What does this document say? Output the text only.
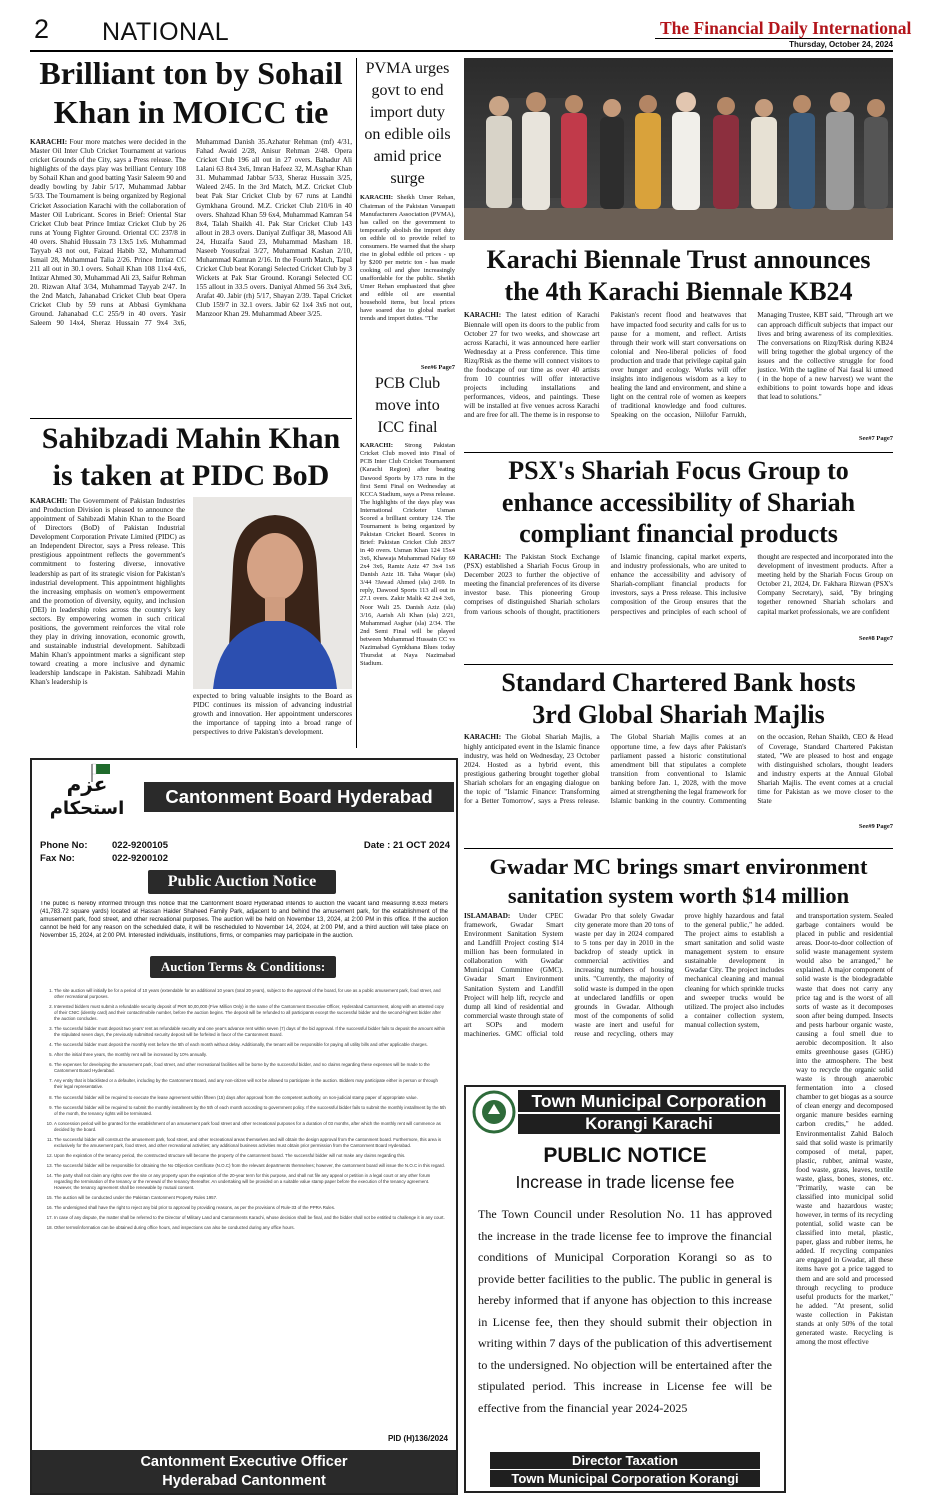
2 NATIONAL	The Financial Daily International
Thursday, October 24, 2024
Brilliant ton by Sohail
Khan in MOICC tie
KARACHI: Four more matches were decided in the Master Oil Inter Club Cricket Tournament at various cricket Grounds of the City, says a Press release. The highlights of the days play was brilliant Century 108 by Sohail Khan and good batting Yasir Saleem 90 and deadly bowling by Jabir 5/17, Muhammad Jabbar 5/33. The Tournament is being organized by Regional Cricket Association Karachi with the collaboration of Master Oil Lubricant. Scores in Brief: Oriental Star Cricket Club beat Prince Imtiaz Cricket Club by 26 runs at Young Fighter Ground. Oriental CC 237/8 in 40 overs. Shahid Hussain 73 13x5 1x6. Muhammad Tayyab 43 not out, Faizad Habib 32, Muhammad Ismail 28, Muhammad Talia 2/26. Prince Imtiaz CC 211 all out in 30.1 overs. Sohail Khan 108 11x4 4x6, Intizar Ahmed 30, Muhammad Ali 23, Saifur Rehman 20. Rizwan Altaf 3/34, Muhammad Tayyab 2/47. In the 2nd Match, Jahanabad Cricket Club beat Opera Cricket Club by 59 runs at Abbasi Gymkhana Ground. Jahanabad C.C 255/9 in 40 overs. Yasir Saleem 90 14x4, Sheraz Hussain 77 9x4 3x6, Muhammad Danish 35.Azhatur Rehman (mf) 4/31, Fahad Awaid 2/28, Anisur Rehman 2/48. Opera Cricket Club 196 all out in 27 overs. Bahadur Ali Lalani 63 8x4 3x6, Imran Hafeez 32, M.Asghar Khan 31. Muhammad Jabbar 5/33, Sheraz Hussain 3/25, Waleed 2/45. In the 3rd Match, M.Z. Cricket Club beat Pak Star Cricket Club by 67 runs at Landhi Gymkhana Ground. M.Z. Cricket Club 210/6 in 40 overs. Shahzad Khan 59 6x4, Muhammad Kamran 54 8x4, Talah Shaikh 41. Pak Star Cricket Club 143 allout in 28.3 overs. Daniyal Zulfiqar 38, Masood Ali 24, Huzaifa Saud 23, Muhammad Masham 18. Naseeb Yousufzai 3/27, Muhammad Kashan 2/10, Muhammad Kamran 2/16. In the Fourth Match, Tapal Cricket Club beat Korangi Selected Cricket Club by 3 Wickets at Pak Star Ground. Korangi Selected CC 155 allout in 33.5 overs. Daniyal Ahmed 56 3x4 3x6, Arafat 40. Jabir (rh) 5/17, Shayan 2/39. Tapal Cricket Club 159/7 in 32.1 overs. Jabir 62 1x4 3x6 not out, Manzoor Khan 29. Muhammad Abeer 3/25.
PVMA urges govt to end import duty on edible oils amid price surge
KARACHI: Sheikh Umer Rehan, Chairman of the Pakistan Vanaspati Manufacturers Association (PVMA), has called on the government to temporarily abolish the import duty on edible oil to provide relief to consumers. He warned that the sharp rise in global edible oil prices - up by $200 per metric ton - has made cooking oil and ghee increasingly unaffordable for the public. Sheikh Umer Rehan emphasized that ghee and edible oil are essential household items, but local prices have soared due to global market trends and import duties. "The
See#6 Page7
PCB Club move into ICC final
KARACHI: Strong Pakistan Cricket Club moved into Final of PCB Inter Club Cricket Tournament (Karachi Region) after beating Dawood Sports by 173 runs in the first Semi Final on Wednesday at KCCA Stadium, says a Press release. The highlights of the days play was International Cricketer Usman Scored a brilliant century 124. The Tournament is being organized by Pakistan Cricket Board. Scores in Brief: Pakistan Cricket Club 283/7 in 40 overs. Usman Khan 124 15x4 3x6, Khawaja Muhammad Nafay 69 2x4 3x6, Ramiz Aziz 47 3x4 1x6 Danish Aziz 18. Taha Waqar (sla) 3/44 ?Jawad Ahmed (sla) 2/69. In reply, Dawood Sports 113 all out in 27.1 overs. Zakir Malik 42 2x4 3x6, Noor Wali 25. Danish Aziz (sla) 3/16, Aarish Ali Khan (sla) 2/21, Muhammad Asghar (sla) 2/34. The 2nd Semi Final will be played between Muhammad Hussain CC vs Nazimabad Gymkhana Blues today Thursdat at Naya Nazimabad Stadium.
Karachi Biennale Trust announces
the 4th Karachi Biennale KB24
KARACHI: The latest edition of Karachi Biennale will open its doors to the public from October 27 for two weeks, and showcase art across Karachi, it was announced here earlier Wednesday at a Press conference. This time Rizq/Risk as the theme will connect visitors to the foodscape of our time as over 40 artists from 10 countries will offer interactive projects including installations and performances, videos, and paintings. These will be installed at five venues across Karachi and are free for all. The theme is in response to Pakistan's recent flood and heatwaves that have impacted food security and calls for us to pause for a moment, and reflect. Artists through their work will start conversations on colonial and Neo-liberal policies of food production and trade that privilege capital gain over hunger and ecology. Works will offer insights into indigenous wisdom as a key to healing the land and environment, and shine a light on the central role of women as keepers of traditional knowledge and food cultures. Speaking on the occasion, Niilofur Farrukh, Managing Trustee, KBT said, "Through art we can approach difficult subjects that impact our lives and bring awareness of its complexities. The conversations on Rizq/Risk during KB24 will bring together the global urgency of the issues and the collective struggle for food justice. With the tagline of Nai fasal ki umeed ( in the hope of a new harvest) we want the exhibitions to point towards hope and ideas that lead to solutions."
See#7 Page7
Sahibzadi Mahin Khan
is taken at PIDC BoD
KARACHI: The Government of Pakistan Industries and Production Division is pleased to announce the appointment of Sahibzadi Mahin Khan to the Board of Directors (BoD) of Pakistan Industrial Development Corporation Private Limited (PIDC) as an Independent Director, says a Press release. This prestigious appointment reflects the government's commitment to fostering diverse, innovative leadership as part of its strategic vision for Pakistan's industrial development. This appointment highlights the increasing emphasis on women's empowerment and the promotion of diversity, equity, and inclusion (DEI) in leadership roles across the country's key sectors. By empowering women in such critical positions, the government reinforces the vital role they play in driving innovation, economic growth, and sustainable industrial development. Sahibzadi Mahin Khan's appointment marks a significant step toward creating a more inclusive and dynamic leadership landscape in Pakistan. Sahibzadi Mahin Khan's leadership is
expected to bring valuable insights to the Board as PIDC continues its mission of advancing industrial growth and innovation. Her appointment underscores the importance of tapping into a broad range of perspectives to drive Pakistan's development.
PSX's Shariah Focus Group to
enhance accessibility of Shariah
compliant financial products
KARACHI: The Pakistan Stock Exchange (PSX) established a Shariah Focus Group in December 2023 to further the objective of meeting the financial preferences of its diverse investor base. This pioneering Group comprises of distinguished Shariah scholars from various schools of thought, practitioners of Islamic financing, capital market experts, and industry professionals, who are united to enhance the accessibility and advisory of Shariah-compliant financial products for investors, says a Press release. This inclusive composition of the Group ensures that the perspectives and principles of each school of thought are respected and incorporated into the development of investment products. After a meeting held by the Shariah Focus Group on October 21, 2024, Dr. Fakhara Rizwan (PSX's Company Secretary), said, "By bringing together renowned Shariah scholars and capital market professionals, we are confident
See#8 Page7
Standard Chartered Bank hosts
3rd Global Shariah Majlis
KARACHI: The Global Shariah Majlis, a highly anticipated event in the Islamic finance industry, was held on Wednesday, 23 October 2024. Hosted as a hybrid event, this prestigious gathering brought together global Shariah scholars for an engaging dialogue on the topic of "Islamic Finance: Transforming for a Better Tomorrow', says a Press release. The Global Shariah Majlis comes at an opportune time, a few days after Pakistan's parliament passed a historic constitutional amendment bill that stipulates a complete transition from conventional to Islamic banking before Jan. 1, 2028, with the move aimed at strengthening the legal framework for Islamic banking in the country. Commenting on the occasion, Rehan Shaikh, CEO & Head of Coverage, Standard Chartered Pakistan stated, "We are pleased to host and engage with distinguished scholars, thought leaders and industry experts at the Annual Global Shariah Majlis. The event comes at a crucial time for Pakistan as we move closer to the State
See#9 Page7
Gwadar MC brings smart environment
sanitation system worth $14 million
ISLAMABAD: Under CPEC framework, Gwadar Smart Environment Sanitation System and Landfill Project costing $14 million has been formulated in collaboration with Gwadar Municipal Committee (GMC). Gwadar Smart Environment Sanitation System and Landfill Project will help lift, recycle and dump all kind of residential and commercial waste through state of art SOPs and modern machineries. GMC official told Gwadar Pro that solely Gwadar city generate more than 20 tons of waste per day in 2024 compared to 5 tons per day in 2010 in the backdrop of steady uptick in commercial activities and increasing numbers of housing units. "Currently, the majority of solid waste is dumped in the open at undeclared landfills or open grounds in Gwadar. Although most of the components of solid waste are inert and useful for reuse and recycling, others may prove highly hazardous and fatal to the general public," he added. The project aims to establish a smart sanitation and solid waste management system to ensure sustainable development in Gwadar City. The project includes mechanical cleaning and manual cleaning for which sprinkle trucks and sweeper trucks would be utilized. The project also includes a container collection system, manual collection system,
and transportation system. Sealed garbage containers would be placed in public and residential areas. Door-to-door collection of solid waste management system would also be arranged," he explained. A major component of solid waste is the biodegradable waste that does not carry any price tag and is the worst of all sorts of waste as it decomposes soon after being dumped. Insects and pests harbour organic waste, causing a foul smell due to aerobic decomposition. It also emits greenhouse gases (GHG) into the atmosphere. The best way to recycle the organic solid waste is through anaerobic fermentation into a closed chamber to get biogas as a source of clean energy and decomposed organic manure besides earning carbon credits," he added. Environmentalist Zahid Baloch said that solid waste is primarily composed of metal, paper, plastic, rubber, animal waste, food waste, grass, leaves, textile waste, glass, bones, stones, etc. "Primarily, waste can be classified into municipal solid waste and hazardous waste; however, in terms of its recycling potential, solid waste can be classified into metal, plastic, paper, glass and rubber items, he added. If recycling companies are engaged in Gwadar, all these items have got a price tagged to them and are sold and processed through recycling to produce useful products for the market," he added. "At present, solid waste collection in Pakistan stands at only 50% of the total generated waste. Recycling is among the most effective
Town Municipal Corporation
Korangi Karachi
PUBLIC NOTICE
Increase in trade license fee
The Town Council under Resolution No. 11 has approved the increase in the trade license fee to improve the financial conditions of Municipal Corporation Korangi so as to provide better facilities to the public. The public in general is hereby informed that if anyone has objection to this increase in License fee, then they should submit their objection in writing within 7 days of the publication of this advertisement to the undersigned. No objection will be entertained after the stipulated period. This increase in License fee will be effective from the financial year 2024-2025
Director Taxation
Town Municipal Corporation Korangi
عزم
استحکام
Cantonment Board Hyderabad
Phone No:	022-9200105
Fax No:	022-9200102
Date : 21 OCT 2024
Public Auction Notice
The public is hereby informed through this notice that the Cantonment Board Hyderabad intends to auction the vacant land measuring 8.633 meters (41,783.72 square yards) located at Hassan Haider Shaheed Family Park, adjacent to and behind the amusement park, for the establishment of the amusement park, food street, and other recreational purposes. The auction will be held on November 13, 2024, at 2:00 PM in this office. If the auction cannot be held for any reason on the scheduled date, it will be rescheduled to November 14, 2024, at 2:00 PM, and a third auction will take place on November 15, 2024, at 2:00 PM. Interested individuals, institutions, firms, or companies may participate in the auction.
Auction Terms & Conditions:
1. The site auction will initially be for a period of 10 years (extendable for an additional 10 years (total 20 years), subject to the approval of the board, for use as a public amusement park, food street, and other recreational purposes.
2. Interested bidders must submit a refundable security deposit of PKR 50,00,000 (Five Million Only) in the name of the Cantonment Executive Officer, Hyderabad Cantonment, along with an attested copy of their CNIC (identity card) and their contact/mobile number, before the auction begins. The deposit will be refunded to all participants except the successful bidder and the second-highest bidder after the auction concludes.
3. The successful bidder must deposit two years' rent as refundable security and one year's advance rent within seven (7) days of the bid approval. If the successful bidder fails to deposit the amount within the stipulated seven days, the previously submitted security deposit will be forfeited in favor of the Cantonment Board.
4. The successful bidder must deposit the monthly rent before the 5th of each month without delay. Additionally, the tenant will be responsible for paying all utility bills and other applicable charges.
5. After the initial three years, the monthly rent will be increased by 10% annually.
6. The expenses for developing the amusement park, food street, and other recreational facilities will be borne by the successful bidder, and no claims regarding these expenses will be made to the Cantonment Board Hyderabad.
7. Any entity that is blacklisted or a defaulter, including by the Cantonment Board, and any non-citizen will not be allowed to participate in the auction. Bidders may participate either in person or through their legal representative.
8. The successful bidder will be required to execute the lease agreement within fifteen (15) days after approval from the competent authority, on non-judicial stamp paper of appropriate value.
9. The successful bidder will be required to submit the monthly installment by the 5th of each month according to government policy. If the successful bidder fails to submit the monthly installment by the 5th of the month, the tenancy rights will be terminated.
10. A concession period will be granted for the establishment of an amusement park food street and other recreational purposes for a duration of 03 months, after which the monthly rent will commence as decided by the board.
11. The successful bidder will construct the amusement park, food street, and other recreational areas themselves and will obtain the design approval from the cantonment board. Furthermore, this area is exclusively for the amusement park, food street, and other recreational activities; any additional business activities must obtain prior permission from the Cantonment Board Hyderabad.
12. Upon the expiration of the tenancy period, the constructed structure will become the property of the cantonment board. The successful bidder will not make any claims regarding this.
13. The successful bidder will be responsible for obtaining the No Objection Certificate (N.O.C) from the relevant departments themselves; however, the cantonment board will issue the N.O.C in this regard.
14. The party shall not claim any rights over the site or any property upon the expiration of the 20-year term for this purpose, and shall not file any appeal or petition in a legal court or any other forum regarding the termination of the tenancy or the renewal of the tenancy thereafter. An undertaking will be provided on a suitable value stamp paper before the execution of the tenancy agreement. However, the tenancy agreement shall be renewable by mutual consent.
15. The auction will be conducted under the Pakistan Cantonment Property Rules 1957.
16. The undersigned shall have the right to reject any bid prior to approval by providing reasons, as per the provisions of Rule-33 of the PPRA Rules.
17. In case of any dispute, the matter shall be referred to the Director of Military Land and Cantonments Karachi, whose decision shall be final, and the bidder shall not be entitled to challenge it in any court.
18. Other terms/information can be obtained during office hours, and inspections can also be conducted during any office hours.
PID (H)136/2024
Cantonment Executive Officer
Hyderabad Cantonment
